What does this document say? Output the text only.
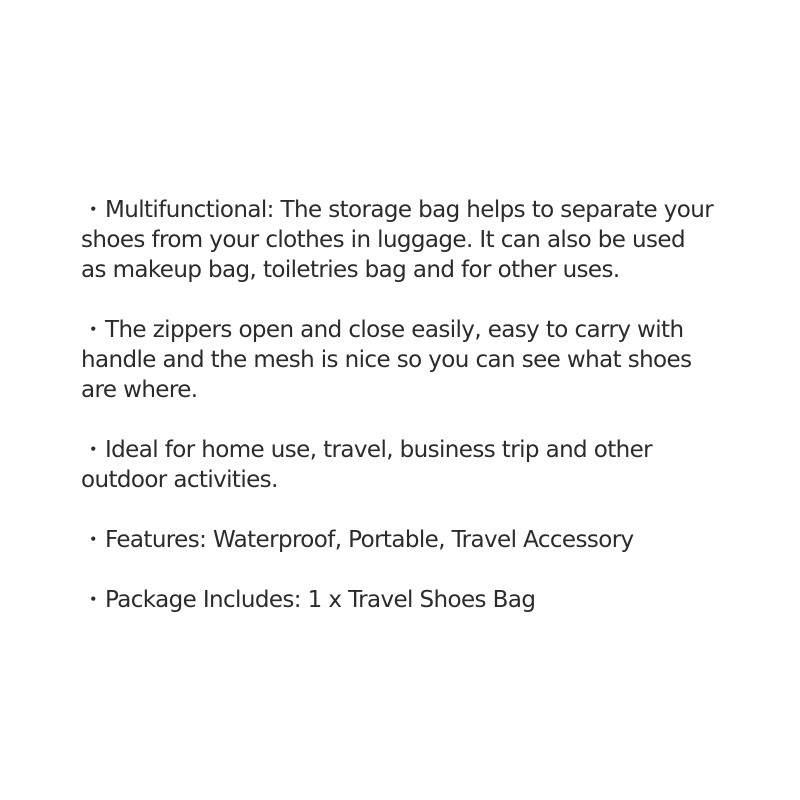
・Multifunctional: The storage bag helps to separate your
shoes from your clothes in luggage. It can also be used
as makeup bag, toiletries bag and for other uses.

・The zippers open and close easily, easy to carry with
handle and the mesh is nice so you can see what shoes
are where.

・Ideal for home use, travel, business trip and other
outdoor activities.

・Features: Waterproof, Portable, Travel Accessory

・Package Includes: 1 x Travel Shoes Bag
